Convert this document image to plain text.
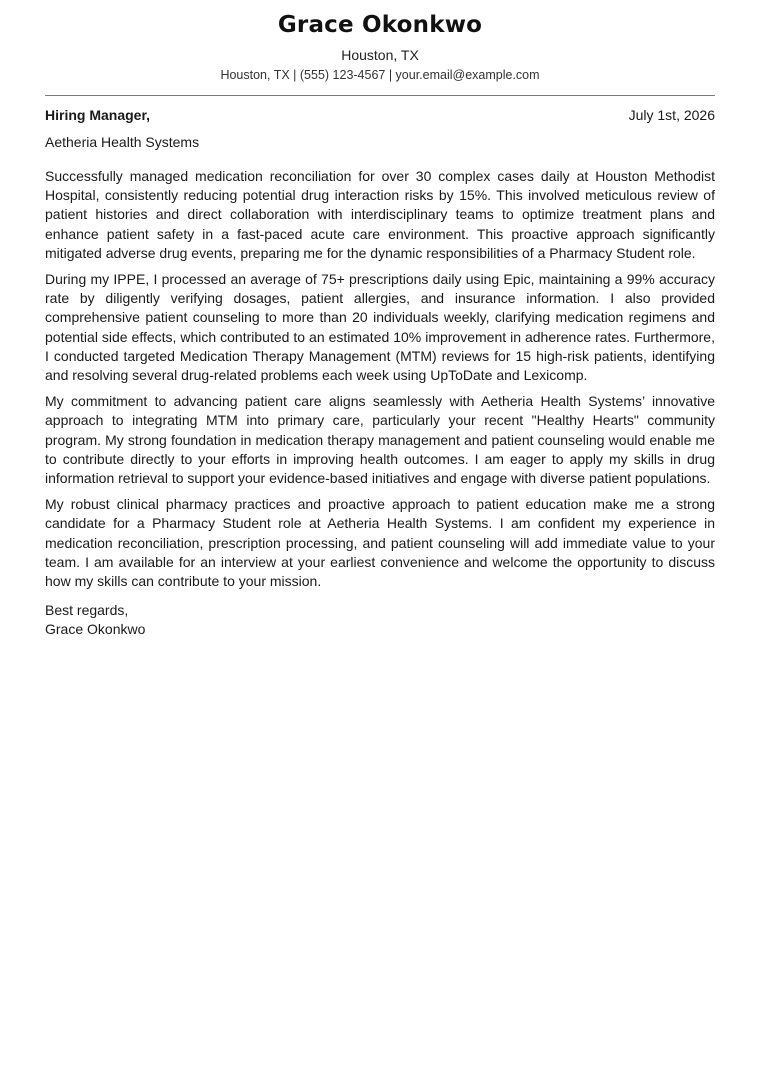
Grace Okonkwo
Houston, TX
Houston, TX | (555) 123-4567 | your.email@example.com
Hiring Manager,	July 1st, 2026
Aetheria Health Systems

Successfully managed medication reconciliation for over 30 complex cases daily at Houston Methodist Hospital, consistently reducing potential drug interaction risks by 15%. This involved meticulous review of patient histories and direct collaboration with interdisciplinary teams to optimize treatment plans and enhance patient safety in a fast-paced acute care environment. This proactive approach significantly mitigated adverse drug events, preparing me for the dynamic responsibilities of a Pharmacy Student role.

During my IPPE, I processed an average of 75+ prescriptions daily using Epic, maintaining a 99% accuracy rate by diligently verifying dosages, patient allergies, and insurance information. I also provided comprehensive patient counseling to more than 20 individuals weekly, clarifying medication regimens and potential side effects, which contributed to an estimated 10% improvement in adherence rates. Furthermore, I conducted targeted Medication Therapy Management (MTM) reviews for 15 high-risk patients, identifying and resolving several drug-related problems each week using UpToDate and Lexicomp.

My commitment to advancing patient care aligns seamlessly with Aetheria Health Systems’ innovative approach to integrating MTM into primary care, particularly your recent "Healthy Hearts" community program. My strong foundation in medication therapy management and patient counseling would enable me to contribute directly to your efforts in improving health outcomes. I am eager to apply my skills in drug information retrieval to support your evidence-based initiatives and engage with diverse patient populations.

My robust clinical pharmacy practices and proactive approach to patient education make me a strong candidate for a Pharmacy Student role at Aetheria Health Systems. I am confident my experience in medication reconciliation, prescription processing, and patient counseling will add immediate value to your team. I am available for an interview at your earliest convenience and welcome the opportunity to discuss how my skills can contribute to your mission.

Best regards,
Grace Okonkwo
